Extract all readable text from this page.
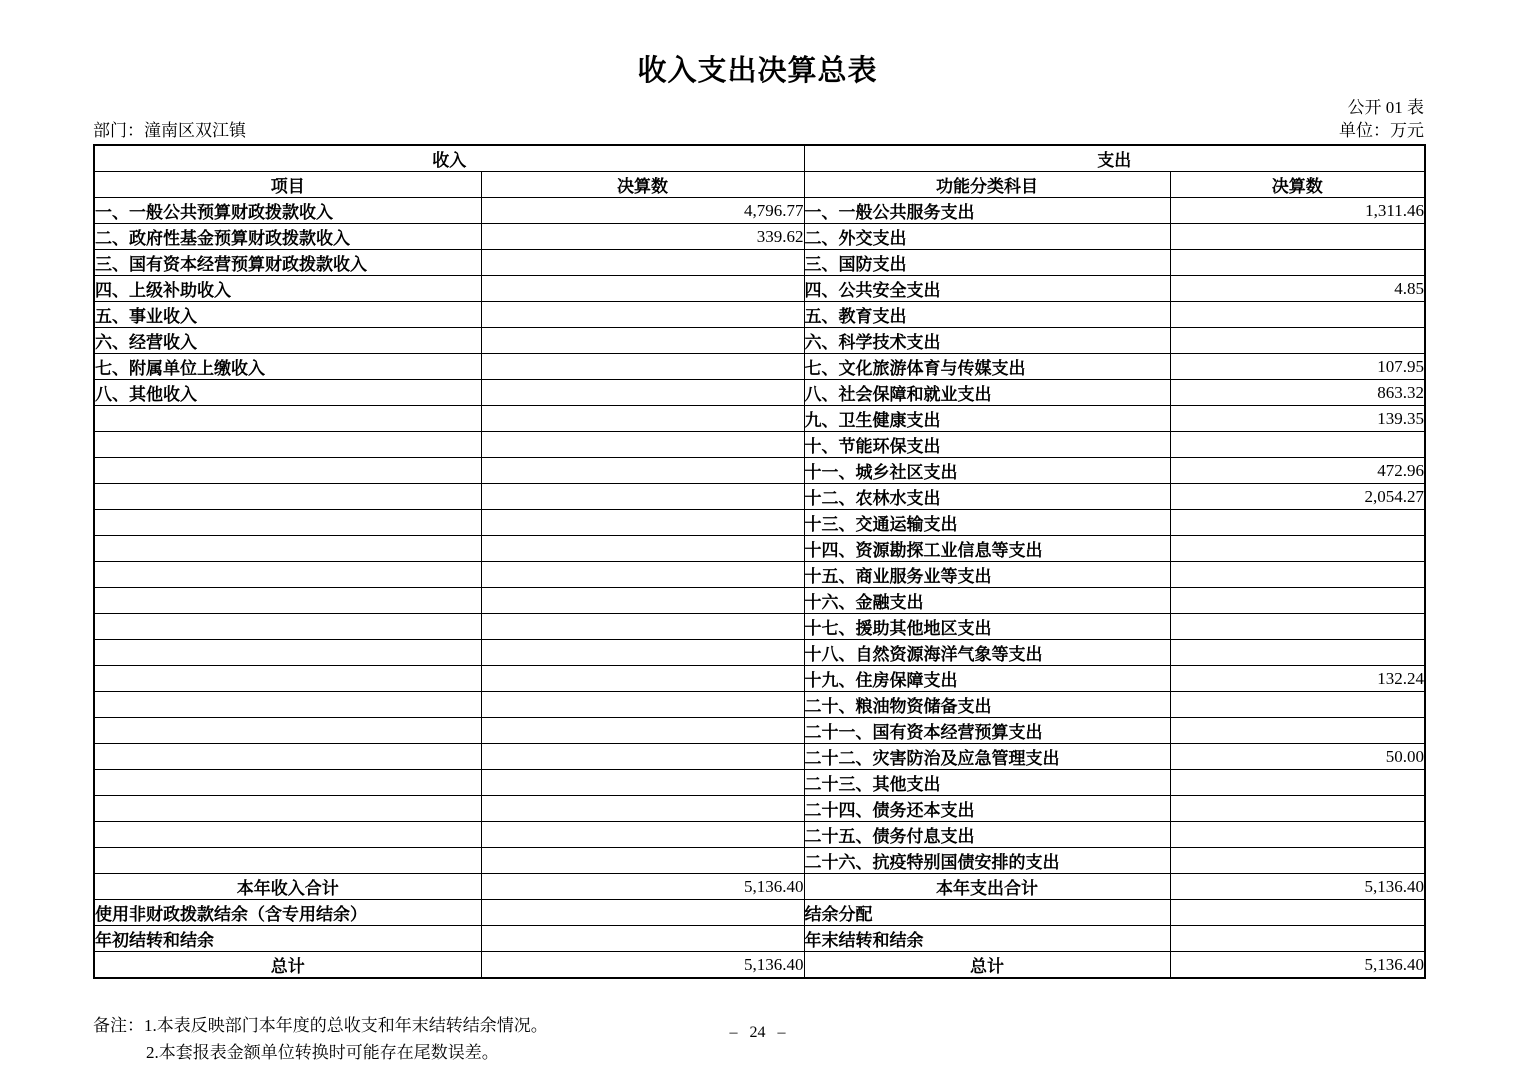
收入支出决算总表
公开 01 表
部门：潼南区双江镇	单位：万元
收入		支出	
项目	决算数	功能分类科目	决算数
一、一般公共预算财政拨款收入	4,796.77	一、一般公共服务支出	1,311.46
二、政府性基金预算财政拨款收入	339.62	二、外交支出	
三、国有资本经营预算财政拨款收入		三、国防支出	
四、上级补助收入		四、公共安全支出	4.85
五、事业收入		五、教育支出	
六、经营收入		六、科学技术支出	
七、附属单位上缴收入		七、文化旅游体育与传媒支出	107.95
八、其他收入		八、社会保障和就业支出	863.32
		九、卫生健康支出	139.35
		十、节能环保支出	
		十一、城乡社区支出	472.96
		十二、农林水支出	2,054.27
		十三、交通运输支出	
		十四、资源勘探工业信息等支出	
		十五、商业服务业等支出	
		十六、金融支出	
		十七、援助其他地区支出	
		十八、自然资源海洋气象等支出	
		十九、住房保障支出	132.24
		二十、粮油物资储备支出	
		二十一、国有资本经营预算支出	
		二十二、灾害防治及应急管理支出	50.00
		二十三、其他支出	
		二十四、债务还本支出	
		二十五、债务付息支出	
		二十六、抗疫特别国债安排的支出	
本年收入合计	5,136.40	本年支出合计	5,136.40
使用非财政拨款结余（含专用结余）		结余分配	
年初结转和结余		年末结转和结余	
总计	5,136.40	总计	5,136.40
备注：1.本表反映部门本年度的总收支和年末结转结余情况。
2.本套报表金额单位转换时可能存在尾数误差。
– 24 –
